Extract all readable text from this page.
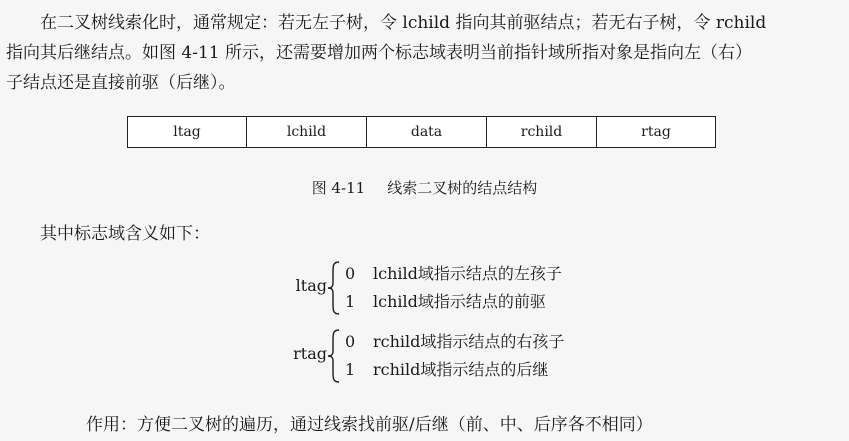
在二叉树线索化时，通常规定：若无左子树，令 lchild 指向其前驱结点；若无右子树，令 rchild
指向其后继结点。如图 4-11 所示，还需要增加两个标志域表明当前指针域所指对象是指向左（右）
子结点还是直接前驱（后继）。

ltag	lchild	data	rchild	rtag
图 4-11 线索二叉树的结点结构
其中标志域含义如下：
ltag
0 lchild域指示结点的左孩子
1 lchild域指示结点的前驱
rtag
0 rchild域指示结点的右孩子
1 rchild域指示结点的后继
作用：方便二叉树的遍历，通过线索找前驱/后继（前、中、后序各不相同）
